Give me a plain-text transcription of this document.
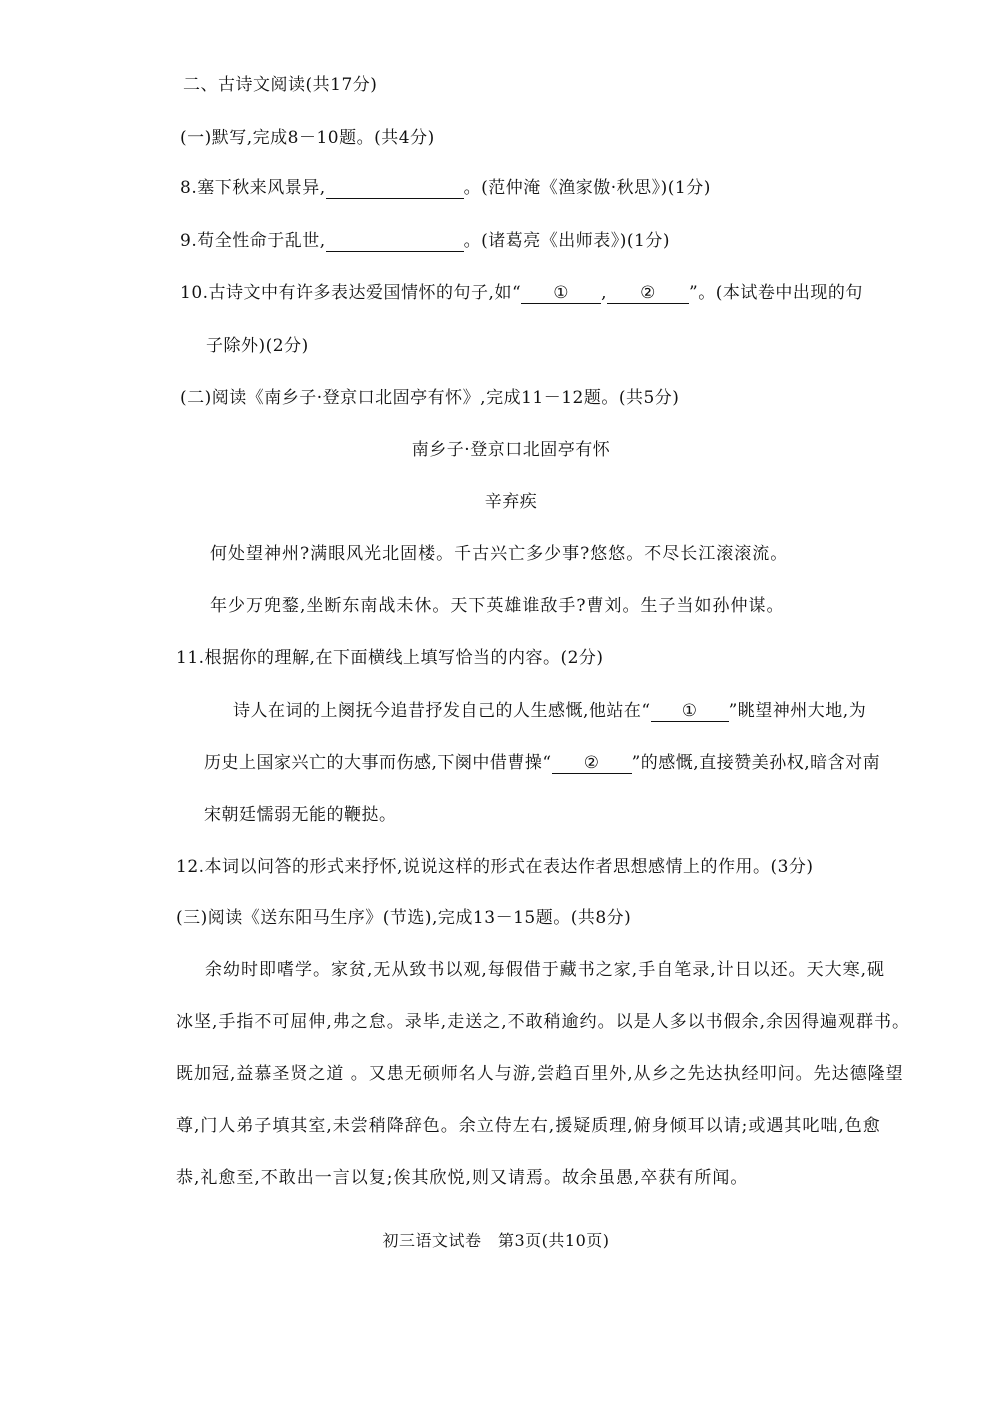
二、古诗文阅读(共17分)
(一)默写,完成8－10题。(共4分)
8.塞下秋来风景异,	。(范仲淹《渔家傲·秋思》)(1分)
9.苟全性命于乱世,	。(诸葛亮《出师表》)(1分)
10.古诗文中有许多表达爱国情怀的句子,如“ ① , ② ”。(本试卷中出现的句
子除外)(2分)
(二)阅读《南乡子·登京口北固亭有怀》,完成11－12题。(共5分)
南乡子·登京口北固亭有怀
辛弃疾
何处望神州?满眼风光北固楼。千古兴亡多少事?悠悠。不尽长江滚滚流。
年少万兜鍪,坐断东南战未休。天下英雄谁敌手?曹刘。生子当如孙仲谋。
11.根据你的理解,在下面横线上填写恰当的内容。(2分)
诗人在词的上阕抚今追昔抒发自己的人生感慨,他站在“ ① ”眺望神州大地,为
历史上国家兴亡的大事而伤感,下阕中借曹操“ ② ”的感慨,直接赞美孙权,暗含对南
宋朝廷懦弱无能的鞭挞。
12.本词以问答的形式来抒怀,说说这样的形式在表达作者思想感情上的作用。(3分)
(三)阅读《送东阳马生序》(节选),完成13－15题。(共8分)
余幼时即嗜学。家贫,无从致书以观,每假借于藏书之家,手自笔录,计日以还。天大寒,砚
冰坚,手指不可屈伸,弗之怠。录毕,走送之,不敢稍逾约。以是人多以书假余,余因得遍观群书。
既加冠,益慕圣贤之道 。又患无硕师名人与游,尝趋百里外,从乡之先达执经叩问。先达德隆望
尊,门人弟子填其室,未尝稍降辞色。余立侍左右,援疑质理,俯身倾耳以请;或遇其叱咄,色愈
恭,礼愈至,不敢出一言以复;俟其欣悦,则又请焉。故余虽愚,卒获有所闻。
初三语文试卷　第3页(共10页)
